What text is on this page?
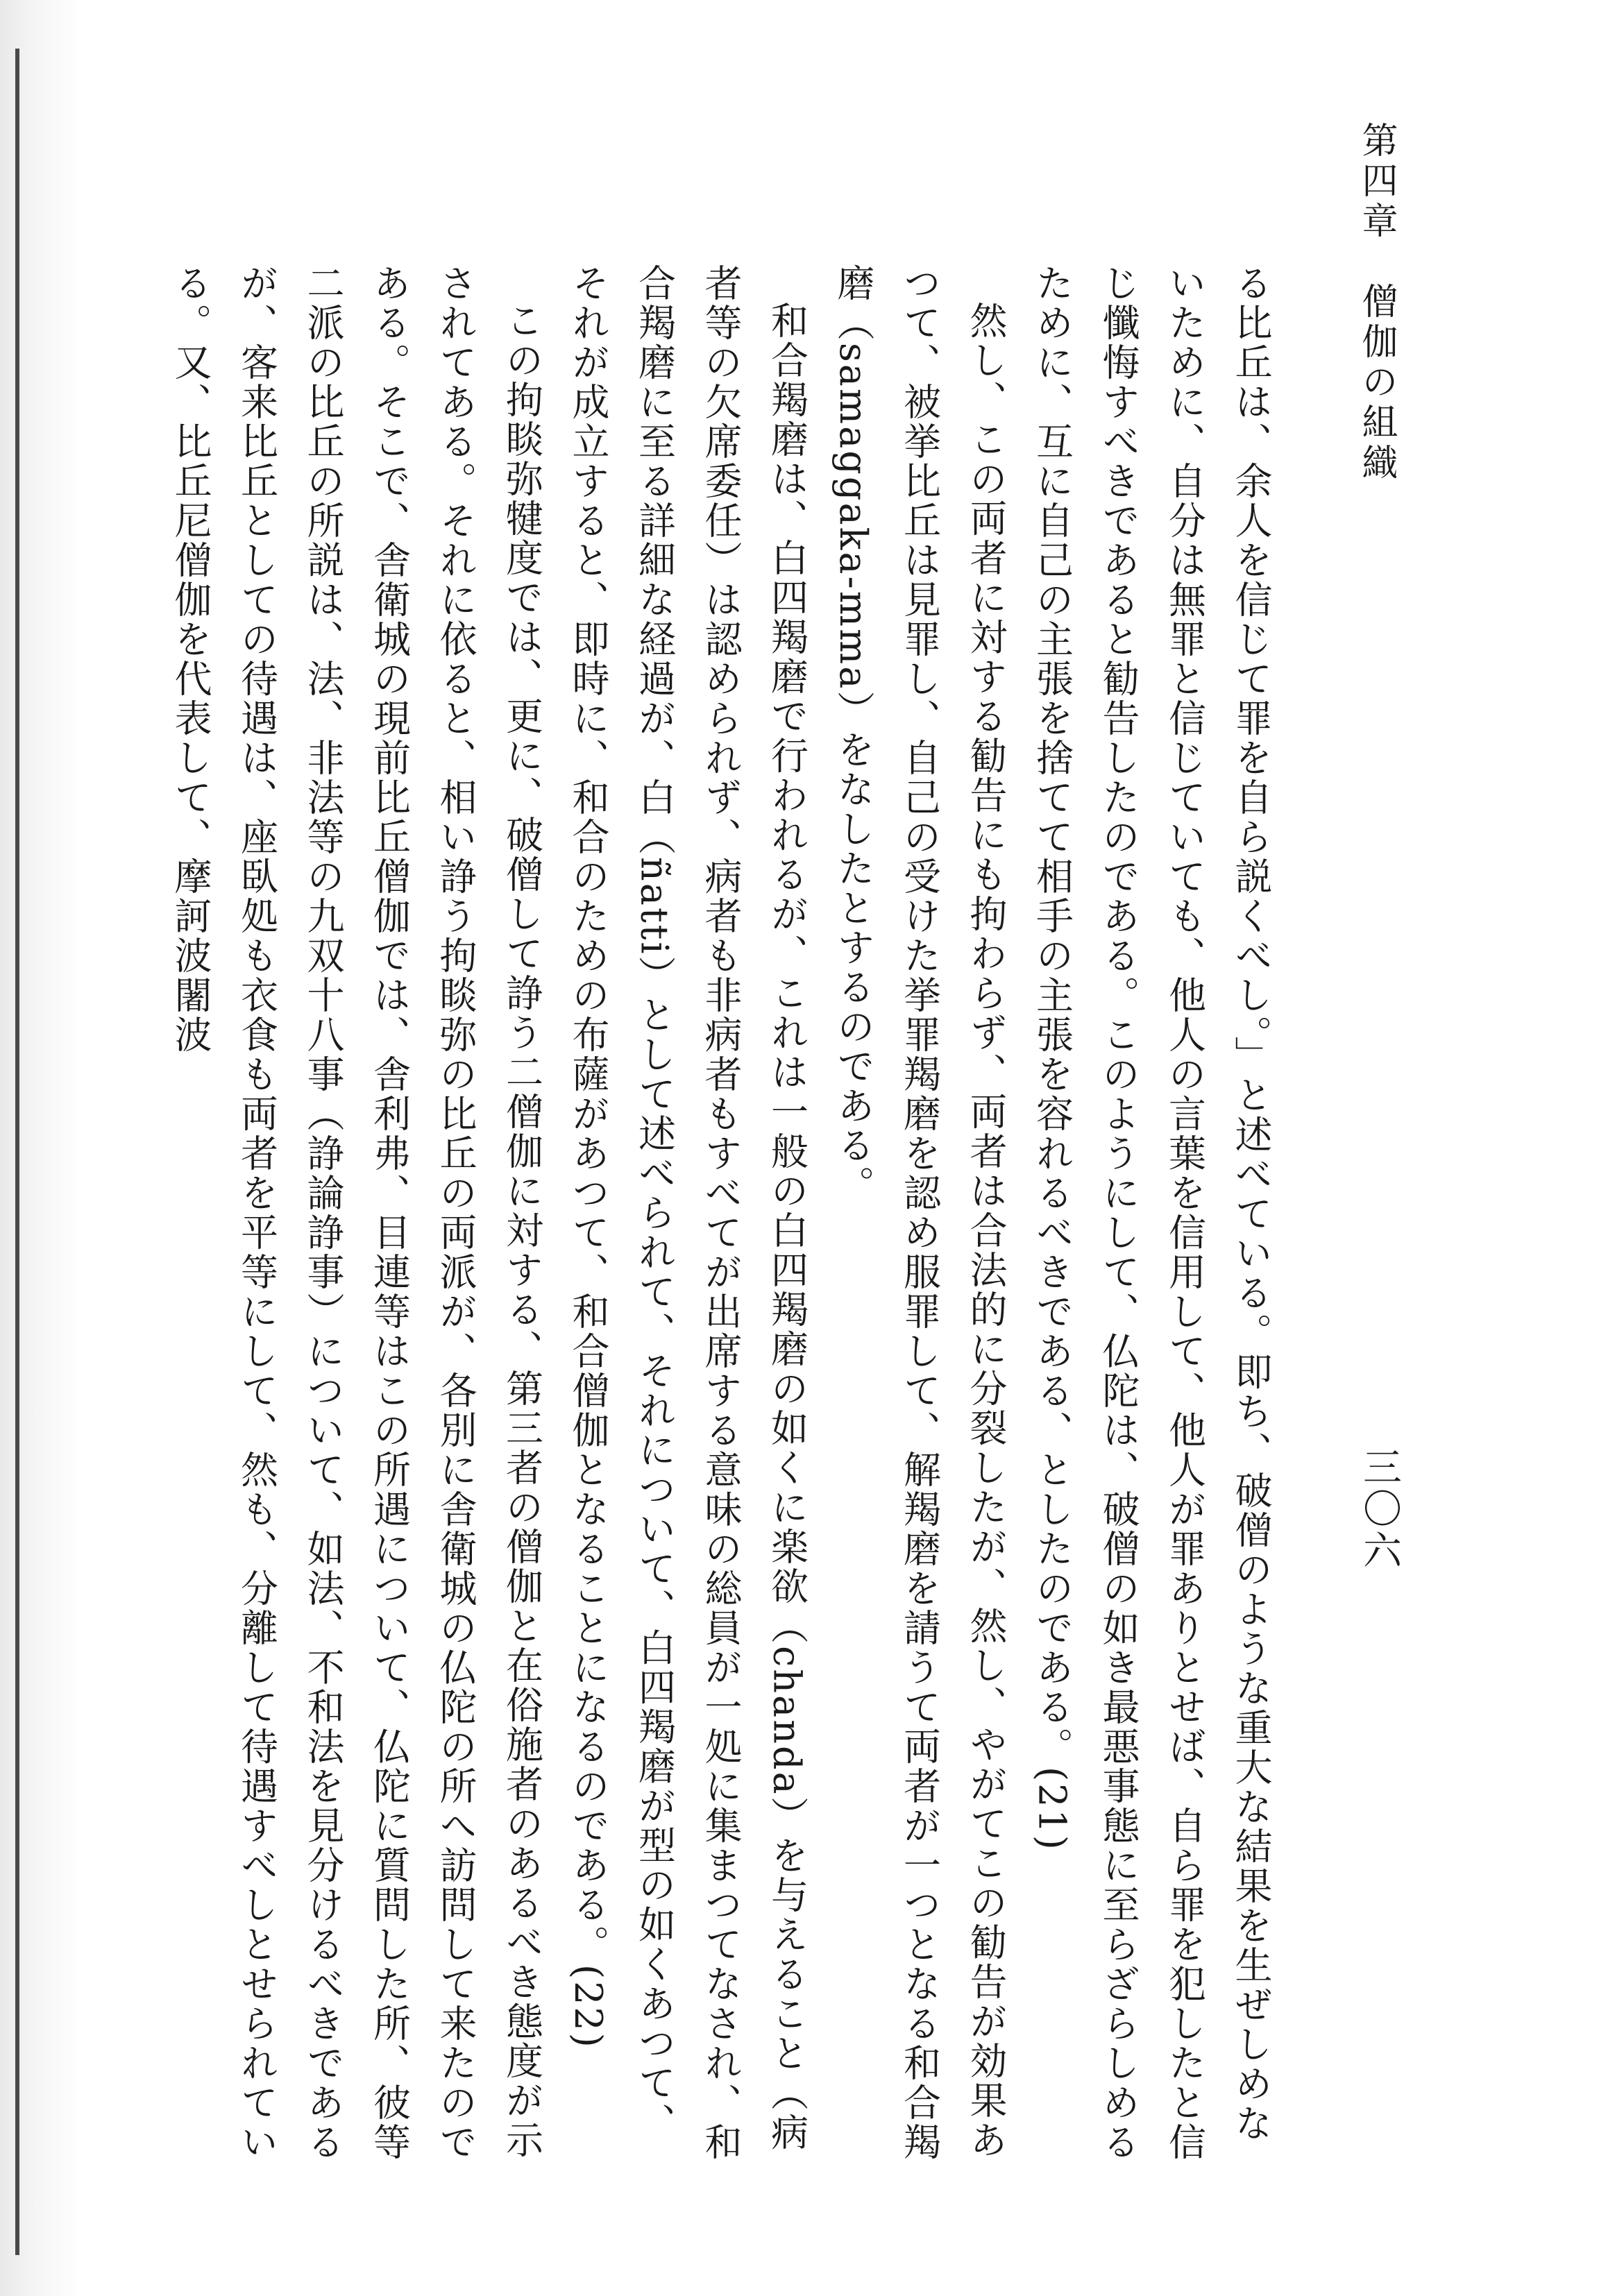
第四章　僧伽の組織
三〇六

る比丘は、余人を信じて罪を自ら説くべし。」と述べている。即ち、破僧のような重大な結果を生ぜしめないために、自分は無罪と信じていても、他人の言葉を信用して、他人が罪ありとせば、自ら罪を犯したと信じ懺悔すべきであると勧告したのである。このようにして、仏陀は、破僧の如き最悪事態に至らざらしめるために、互に自己の主張を捨てて相手の主張を容れるべきである、としたのである。(21)

然し、この両者に対する勧告にも拘わらず、両者は合法的に分裂したが、然し、やがてこの勧告が効果あつて、被挙比丘は見罪し、自己の受けた挙罪羯磨を認め服罪して、解羯磨を請うて両者が一つとなる和合羯磨（samaggaka-mma）をなしたとするのである。

和合羯磨は、白四羯磨で行われるが、これは一般の白四羯磨の如くに楽欲（chanda）を与えること（病者等の欠席委任）は認められず、病者も非病者もすべてが出席する意味の総員が一処に集まつてなされ、和合羯磨に至る詳細な経過が、白（ñatti）として述べられて、それについて、白四羯磨が型の如くあつて、それが成立すると、即時に、和合のための布薩があつて、和合僧伽となることになるのである。(22)

この拘睒弥犍度では、更に、破僧して諍う二僧伽に対する、第三者の僧伽と在俗施者のあるべき態度が示されてある。それに依ると、相い諍う拘睒弥の比丘の両派が、各別に舎衛城の仏陀の所へ訪問して来たのである。そこで、舎衛城の現前比丘僧伽では、舎利弗、目連等はこの所遇について、仏陀に質問した所、彼等二派の比丘の所説は、法、非法等の九双十八事（諍論諍事）について、如法、不和法を見分けるべきであるが、客来比丘としての待遇は、座臥処も衣食も両者を平等にして、然も、分離して待遇すべしとせられている。又、比丘尼僧伽を代表して、摩訶波闍波
